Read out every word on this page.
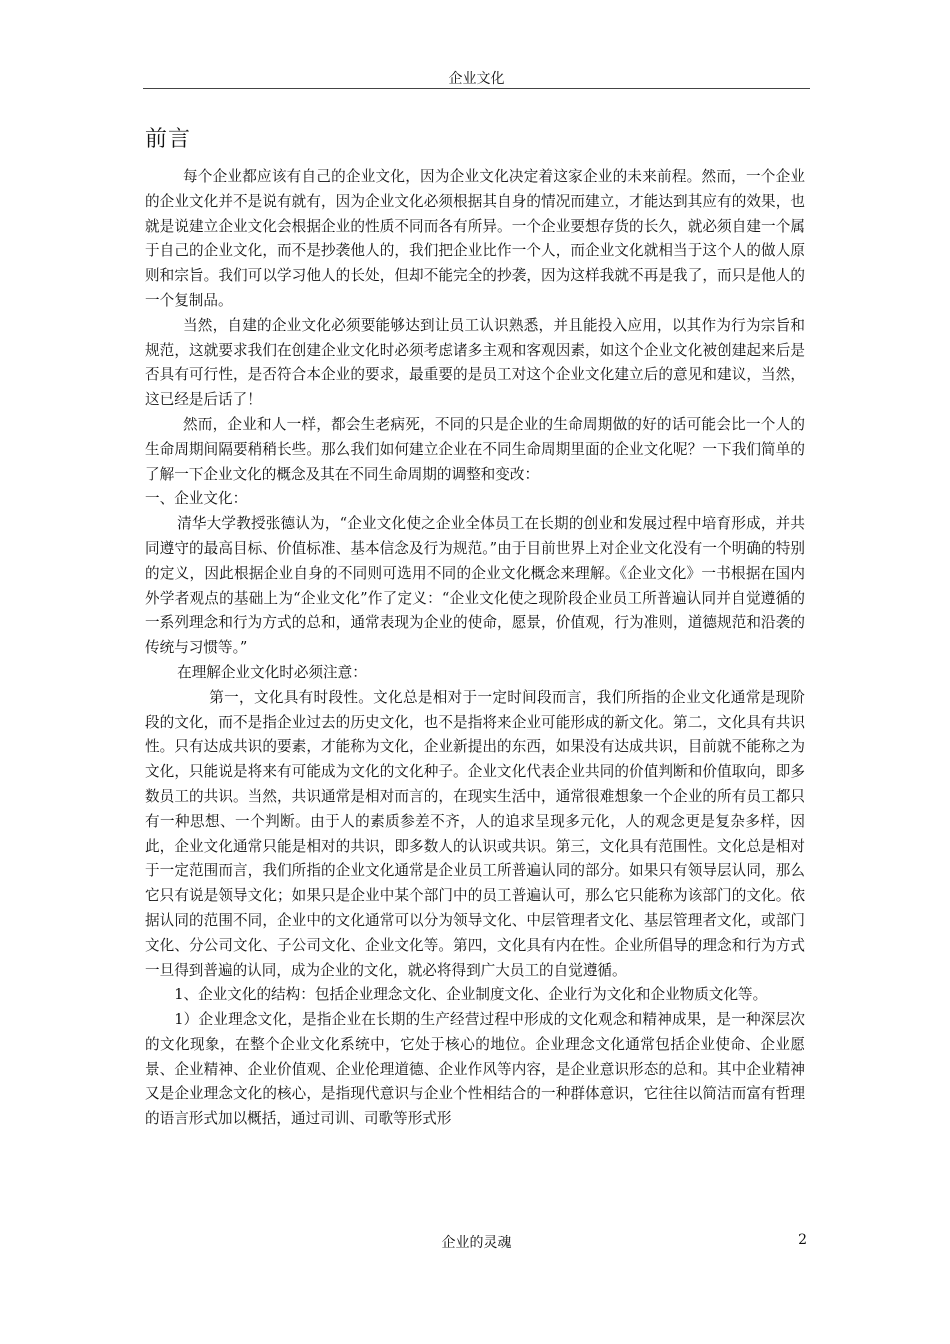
企业文化
前言

每个企业都应该有自己的企业文化，因为企业文化决定着这家企业的未来前程。然而，一个企业的企业文化并不是说有就有，因为企业文化必须根据其自身的情况而建立，才能达到其应有的效果，也就是说建立企业文化会根据企业的性质不同而各有所异。一个企业要想存货的长久，就必须自建一个属于自己的企业文化，而不是抄袭他人的，我们把企业比作一个人，而企业文化就相当于这个人的做人原则和宗旨。我们可以学习他人的长处，但却不能完全的抄袭，因为这样我就不再是我了，而只是他人的一个复制品。

当然，自建的企业文化必须要能够达到让员工认识熟悉，并且能投入应用，以其作为行为宗旨和规范，这就要求我们在创建企业文化时必须考虑诸多主观和客观因素，如这个企业文化被创建起来后是否具有可行性，是否符合本企业的要求，最重要的是员工对这个企业文化建立后的意见和建议，当然，这已经是后话了！

然而，企业和人一样，都会生老病死，不同的只是企业的生命周期做的好的话可能会比一个人的生命周期间隔要稍稍长些。那么我们如何建立企业在不同生命周期里面的企业文化呢？一下我们简单的了解一下企业文化的概念及其在不同生命周期的调整和变改：

一、企业文化：

清华大学教授张德认为，“企业文化使之企业全体员工在长期的创业和发展过程中培育形成，并共同遵守的最高目标、价值标准、基本信念及行为规范。”由于目前世界上对企业文化没有一个明确的特别的定义，因此根据企业自身的不同则可选用不同的企业文化概念来理解。《企业文化》一书根据在国内外学者观点的基础上为“企业文化”作了定义：“企业文化使之现阶段企业员工所普遍认同并自觉遵循的一系列理念和行为方式的总和，通常表现为企业的使命，愿景，价值观，行为准则，道德规范和沿袭的传统与习惯等。”

在理解企业文化时必须注意：

第一，文化具有时段性。文化总是相对于一定时间段而言，我们所指的企业文化通常是现阶段的文化，而不是指企业过去的历史文化，也不是指将来企业可能形成的新文化。第二，文化具有共识性。只有达成共识的要素，才能称为文化，企业新提出的东西，如果没有达成共识，目前就不能称之为文化，只能说是将来有可能成为文化的文化种子。企业文化代表企业共同的价值判断和价值取向，即多数员工的共识。当然，共识通常是相对而言的，在现实生活中，通常很难想象一个企业的所有员工都只有一种思想、一个判断。由于人的素质参差不齐，人的追求呈现多元化，人的观念更是复杂多样，因此，企业文化通常只能是相对的共识，即多数人的认识或共识。第三，文化具有范围性。文化总是相对于一定范围而言，我们所指的企业文化通常是企业员工所普遍认同的部分。如果只有领导层认同，那么它只有说是领导文化；如果只是企业中某个部门中的员工普遍认可，那么它只能称为该部门的文化。依据认同的范围不同，企业中的文化通常可以分为领导文化、中层管理者文化、基层管理者文化，或部门文化、分公司文化、子公司文化、企业文化等。第四，文化具有内在性。企业所倡导的理念和行为方式一旦得到普遍的认同，成为企业的文化，就必将得到广大员工的自觉遵循。

1、企业文化的结构：包括企业理念文化、企业制度文化、企业行为文化和企业物质文化等。

1）企业理念文化，是指企业在长期的生产经营过程中形成的文化观念和精神成果，是一种深层次的文化现象，在整个企业文化系统中，它处于核心的地位。企业理念文化通常包括企业使命、企业愿景、企业精神、企业价值观、企业伦理道德、企业作风等内容，是企业意识形态的总和。其中企业精神又是企业理念文化的核心，是指现代意识与企业个性相结合的一种群体意识，它往往以简洁而富有哲理的语言形式加以概括，通过司训、司歌等形式形

企业的灵魂	2
